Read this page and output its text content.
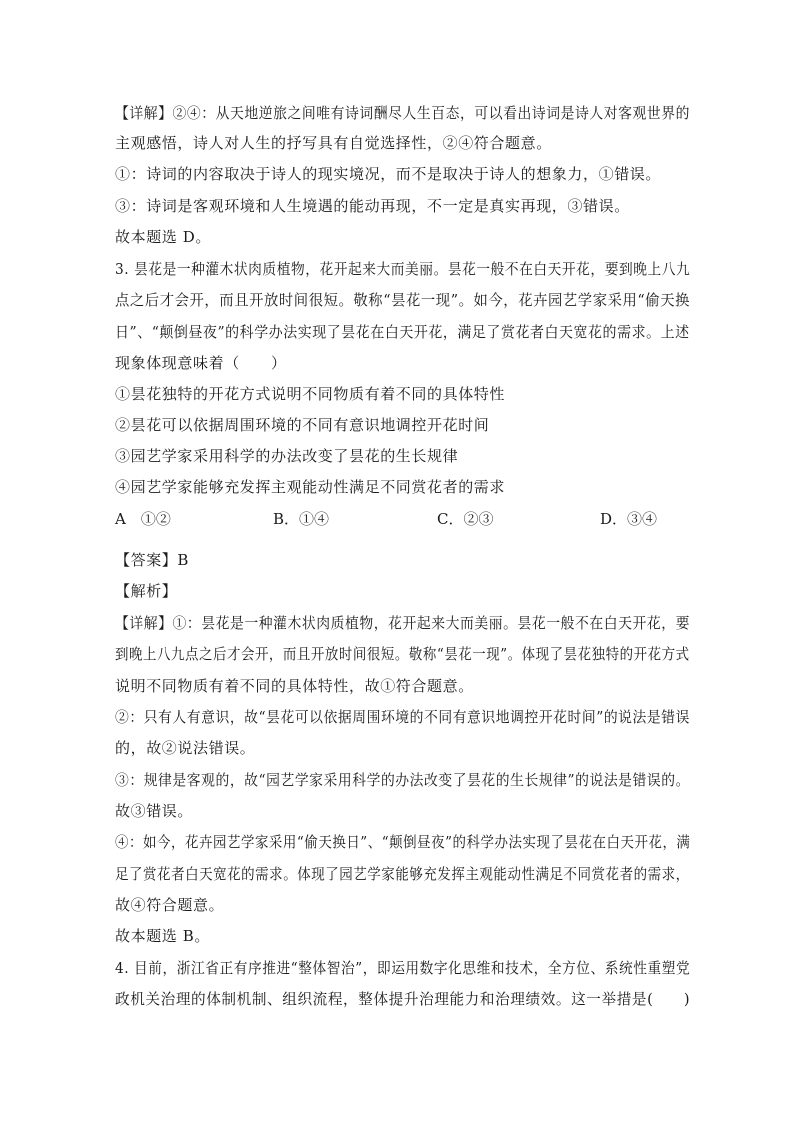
【详解】②④：从天地逆旅之间唯有诗词酬尽人生百态，可以看出诗词是诗人对客观世界的
主观感悟，诗人对人生的抒写具有自觉选择性，②④符合题意。
①：诗词的内容取决于诗人的现实境况，而不是取决于诗人的想象力，①错误。
③：诗词是客观环境和人生境遇的能动再现，不一定是真实再现，③错误。
故本题选 D。
3. 昙花是一种灌木状肉质植物，花开起来大而美丽。昙花一般不在白天开花，要到晚上八九
点之后才会开，而且开放时间很短。敬称“昙花一现”。如今，花卉园艺学家采用“偷天换
日”、“颠倒昼夜”的科学办法实现了昙花在白天开花，满足了赏花者白天宽花的需求。上述
现象体现意味着（　　）
①昙花独特的开花方式说明不同物质有着不同的具体特性
②昙花可以依据周围环境的不同有意识地调控开花时间
③园艺学家采用科学的办法改变了昙花的生长规律
④园艺学家能够充发挥主观能动性满足不同赏花者的需求
A　①②	B．①④	C．②③	D．③④
【答案】B
【解析】
【详解】①：昙花是一种灌木状肉质植物，花开起来大而美丽。昙花一般不在白天开花，要
到晚上八九点之后才会开，而且开放时间很短。敬称“昙花一现”。体现了昙花独特的开花方式
说明不同物质有着不同的具体特性，故①符合题意。
②：只有人有意识，故“昙花可以依据周围环境的不同有意识地调控开花时间”的说法是错误
的，故②说法错误。
③：规律是客观的，故“园艺学家采用科学的办法改变了昙花的生长规律”的说法是错误的。
故③错误。
④：如今，花卉园艺学家采用“偷天换日”、“颠倒昼夜”的科学办法实现了昙花在白天开花，满
足了赏花者白天宽花的需求。体现了园艺学家能够充发挥主观能动性满足不同赏花者的需求，
故④符合题意。
故本题选 B。
4. 目前，浙江省正有序推进“整体智治”，即运用数字化思维和技术，全方位、系统性重塑党
政机关治理的体制机制、组织流程，整体提升治理能力和治理绩效。这一举措是(　　)
